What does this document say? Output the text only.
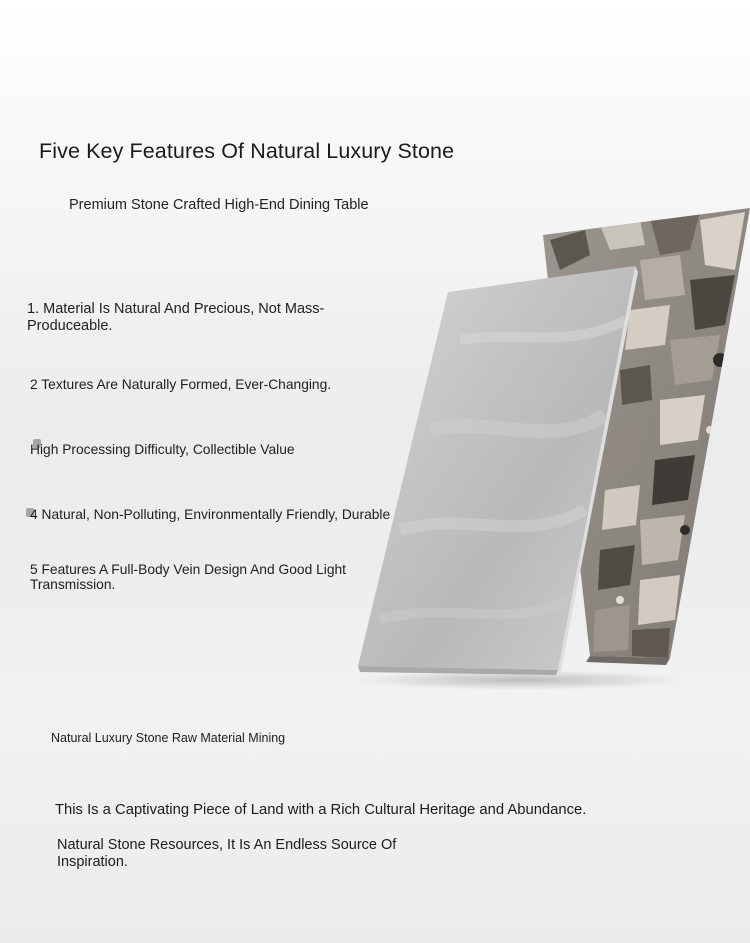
Five Key Features Of Natural Luxury Stone
Premium Stone Crafted High-End Dining Table
1. Material Is Natural And Precious, Not Mass-Produceable.
2 Textures Are Naturally Formed, Ever-Changing.
High Processing Difficulty, Collectible Value
4 Natural, Non-Polluting, Environmentally Friendly, Durable
5 Features A Full-Body Vein Design And Good Light Transmission.
Natural Luxury Stone Raw Material Mining
This Is a Captivating Piece of Land with a Rich Cultural Heritage and Abundance.
Natural Stone Resources, It Is An Endless Source Of Inspiration.
